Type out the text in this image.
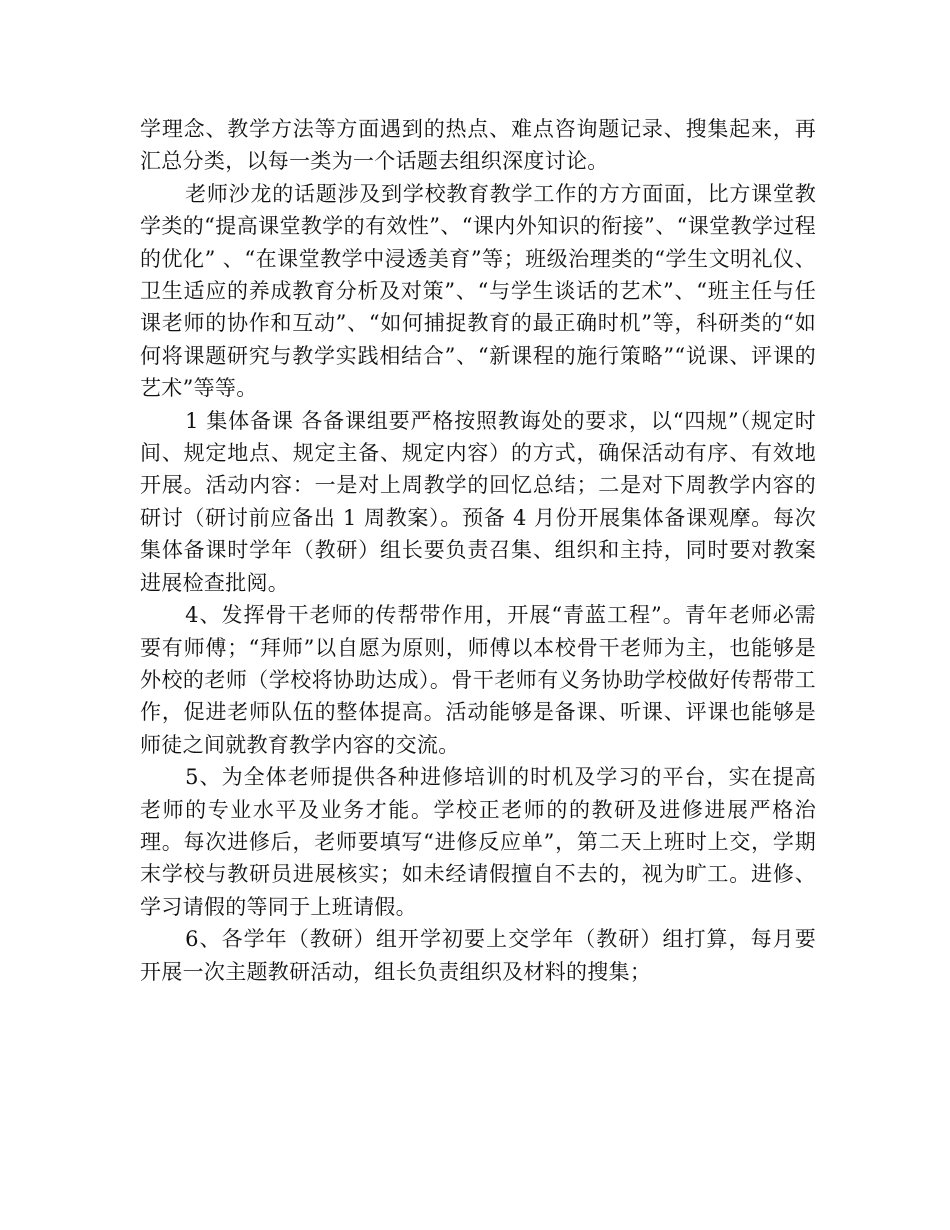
学理念、教学方法等方面遇到的热点、难点咨询题记录、搜集起来，再汇总分类，以每一类为一个话题去组织深度讨论。

老师沙龙的话题涉及到学校教育教学工作的方方面面，比方课堂教学类的“提高课堂教学的有效性”、“课内外知识的衔接”、“课堂教学过程的优化” 、“在课堂教学中浸透美育”等；班级治理类的“学生文明礼仪、卫生适应的养成教育分析及对策”、“与学生谈话的艺术”、“班主任与任课老师的协作和互动”、“如何捕捉教育的最正确时机”等，科研类的“如何将课题研究与教学实践相结合”、“新课程的施行策略”“说课、评课的艺术”等等。

1 集体备课 各备课组要严格按照教诲处的要求，以“四规”（规定时间、规定地点、规定主备、规定内容）的方式，确保活动有序、有效地开展。活动内容：一是对上周教学的回忆总结；二是对下周教学内容的研讨（研讨前应备出 1 周教案）。预备 4 月份开展集体备课观摩。每次集体备课时学年（教研）组长要负责召集、组织和主持，同时要对教案进展检查批阅。

4、发挥骨干老师的传帮带作用，开展“青蓝工程”。青年老师必需要有师傅；“拜师”以自愿为原则，师傅以本校骨干老师为主，也能够是外校的老师（学校将协助达成）。骨干老师有义务协助学校做好传帮带工作，促进老师队伍的整体提高。活动能够是备课、听课、评课也能够是师徒之间就教育教学内容的交流。

5、为全体老师提供各种进修培训的时机及学习的平台，实在提高老师的专业水平及业务才能。学校正老师的的教研及进修进展严格治理。每次进修后，老师要填写“进修反应单”，第二天上班时上交，学期末学校与教研员进展核实；如未经请假擅自不去的，视为旷工。进修、学习请假的等同于上班请假。

6、各学年（教研）组开学初要上交学年（教研）组打算，每月要开展一次主题教研活动，组长负责组织及材料的搜集；
